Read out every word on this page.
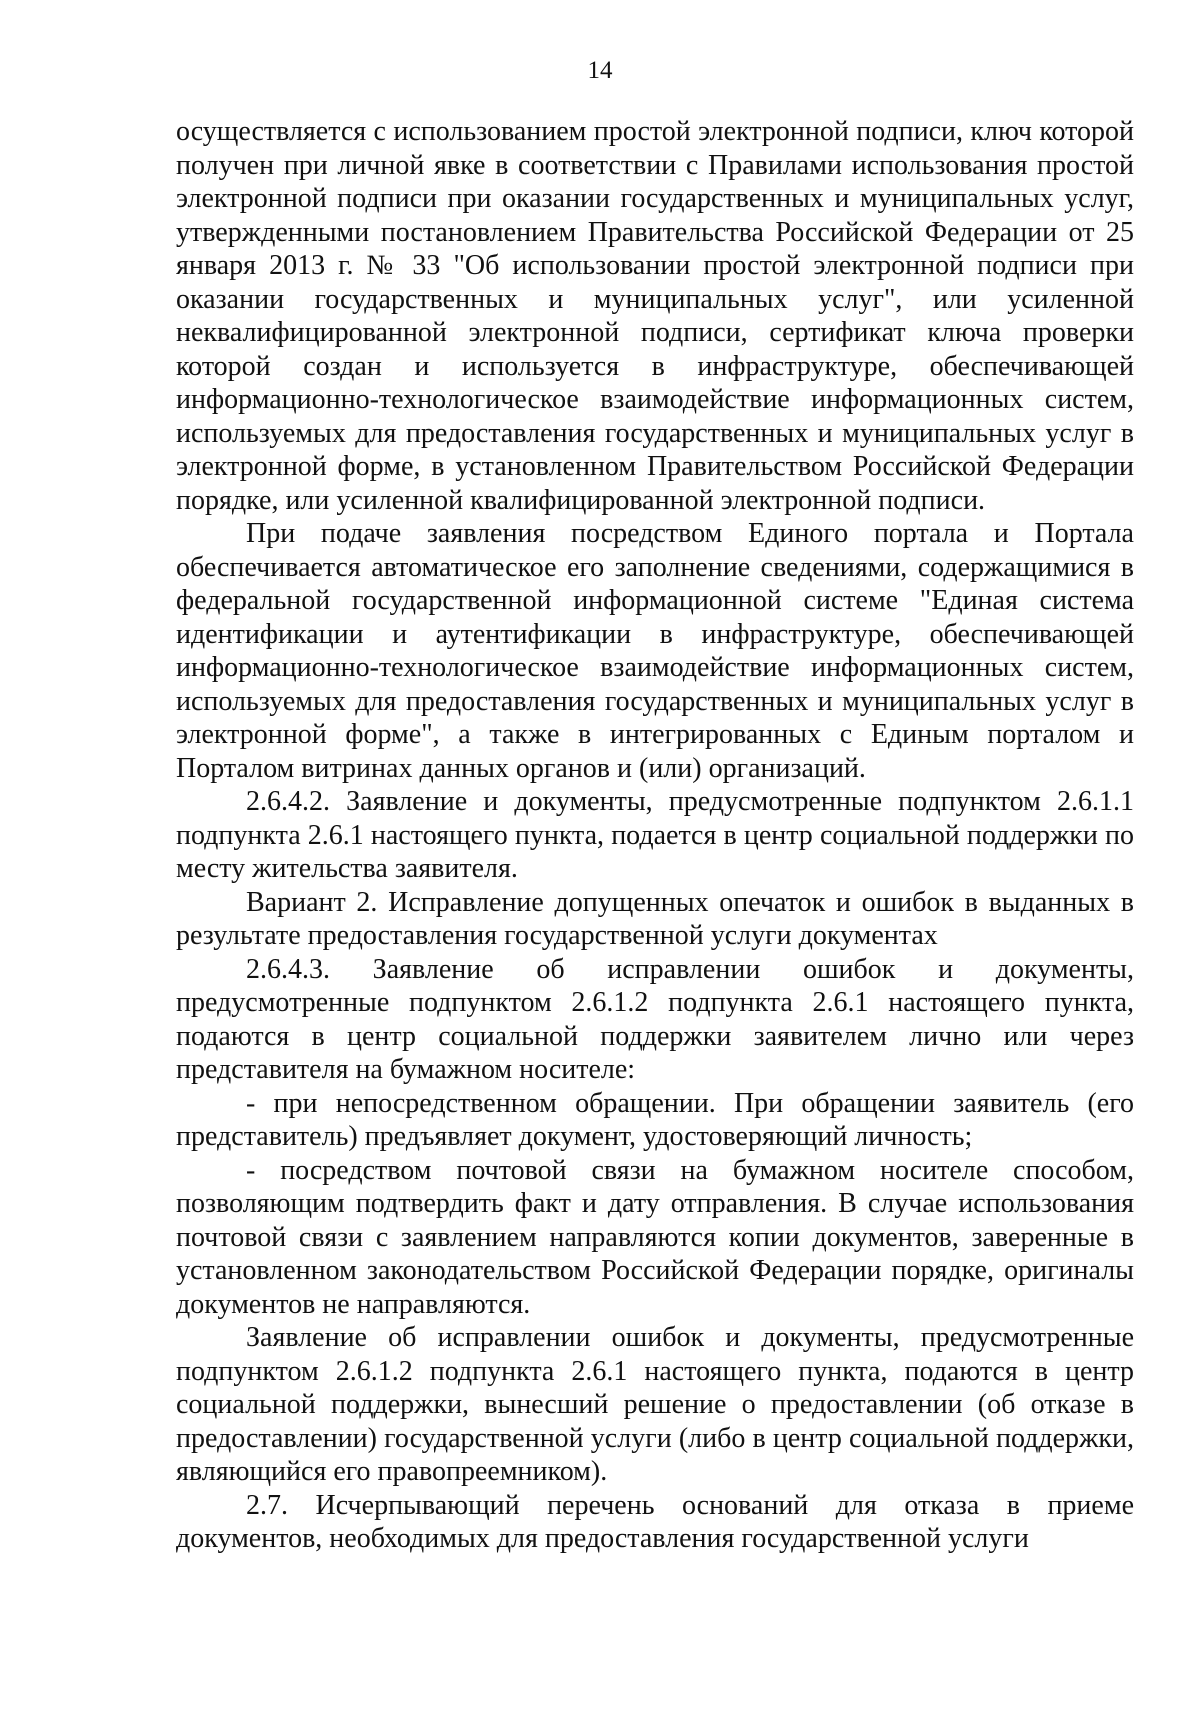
14

осуществляется с использованием простой электронной подписи, ключ которой получен при личной явке в соответствии с Правилами использования простой электронной подписи при оказании государственных и муниципальных услуг, утвержденными постановлением Правительства Российской Федерации от 25 января 2013 г. № 33 "Об использовании простой электронной подписи при оказании государственных и муниципальных услуг", или усиленной неквалифицированной электронной подписи, сертификат ключа проверки которой создан и используется в инфраструктуре, обеспечивающей информационно-технологическое взаимодействие информационных систем, используемых для предоставления государственных и муниципальных услуг в электронной форме, в установленном Правительством Российской Федерации порядке, или усиленной квалифицированной электронной подписи.

При подаче заявления посредством Единого портала и Портала обеспечивается автоматическое его заполнение сведениями, содержащимися в федеральной государственной информационной системе "Единая система идентификации и аутентификации в инфраструктуре, обеспечивающей информационно-технологическое взаимодействие информационных систем, используемых для предоставления государственных и муниципальных услуг в электронной форме", а также в интегрированных с Единым порталом и Порталом витринах данных органов и (или) организаций.

2.6.4.2. Заявление и документы, предусмотренные подпунктом 2.6.1.1 подпункта 2.6.1 настоящего пункта, подается в центр социальной поддержки по месту жительства заявителя.

Вариант 2. Исправление допущенных опечаток и ошибок в выданных в результате предоставления государственной услуги документах

2.6.4.3. Заявление об исправлении ошибок и документы, предусмотренные подпунктом 2.6.1.2 подпункта 2.6.1 настоящего пункта, подаются в центр социальной поддержки заявителем лично или через представителя на бумажном носителе:

- при непосредственном обращении. При обращении заявитель (его представитель) предъявляет документ, удостоверяющий личность;

- посредством почтовой связи на бумажном носителе способом, позволяющим подтвердить факт и дату отправления. В случае использования почтовой связи с заявлением направляются копии документов, заверенные в установленном законодательством Российской Федерации порядке, оригиналы документов не направляются.

Заявление об исправлении ошибок и документы, предусмотренные подпунктом 2.6.1.2 подпункта 2.6.1 настоящего пункта, подаются в центр социальной поддержки, вынесший решение о предоставлении (об отказе в предоставлении) государственной услуги (либо в центр социальной поддержки, являющийся его правопреемником).

2.7. Исчерпывающий перечень оснований для отказа в приеме документов, необходимых для предоставления государственной услуги
